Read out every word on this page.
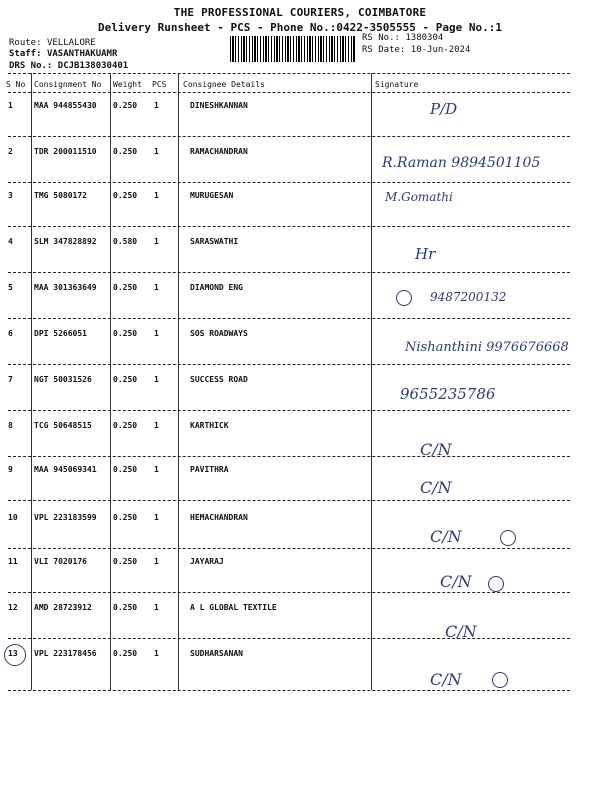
THE PROFESSIONAL COURIERS, COIMBATORE
Delivery Runsheet - PCS - Phone No.:0422-3505555 - Page No.:1
Route: VELLALORE
Staff: VASANTHAKUAMR
DRS No.: DCJB138030401
RS No.: 1380304
RS Date: 10-Jun-2024
S No Consignment No Weight PCS Consignee Details	Signature
1	MAA 944855430 0.250 1	DINESHKANNAN	P/D
2	TDR 200011510 0.250 1	RAMACHANDRAN
R.Raman 9894501105
3	TMG 5080172	0.250 1	MURUGESAN	M.Gomathi
4	SLM 347828892 0.580 1	SARASWATHI
Hr
5	MAA 301363649 0.250 1	DIAMOND ENG
9487200132
6	DPI 5266051	0.250 1	SOS ROADWAYS
Nishanthini 9976676668
7	NGT 50031526	0.250 1	SUCCESS ROAD
9655235786
8	TCG 50648515	0.250 1	KARTHICK
C/N
9	MAA 945069341 0.250 1	PAVITHRA
C/N
10 VPL 223183599 0.250 1	HEMACHANDRAN
C/N
11 VLI 7020176	0.250 1	JAYARAJ
C/N
12 AMD 28723912	0.250 1	A L GLOBAL TEXTILE
C/N
13 VPL 223178456 0.250 1	SUDHARSANAN
C/N
